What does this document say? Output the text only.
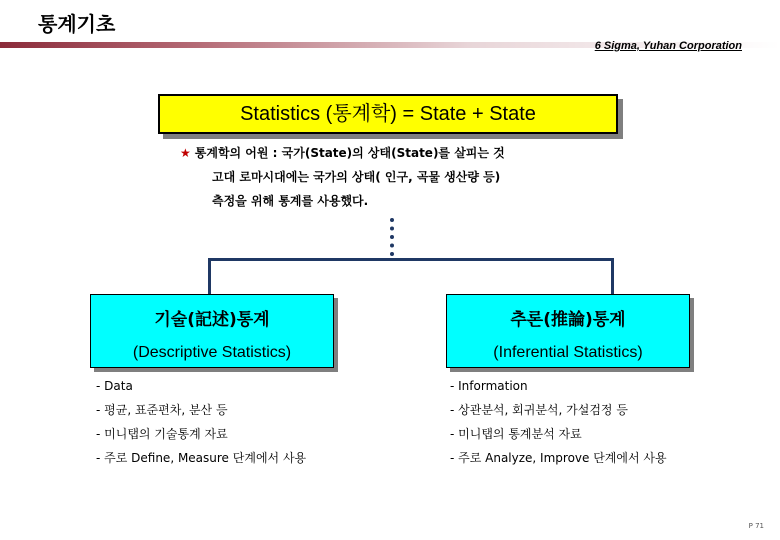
통계기초
6 Sigma, Yuhan Corporation
Statistics (통계학) = State + State
★ 통계학의 어원 : 국가(State)의 상태(State)를 살피는 것
고대 로마시대에는 국가의 상태( 인구, 곡물 생산량 등)
측정을 위해 통계를 사용했다.
기술(記述)통계
(Descriptive Statistics)
추론(推論)통계
(Inferential Statistics)
- Data
- 평균, 표준편차, 분산 등
- 미니탭의 기술통계 자료
- 주로 Define, Measure 단계에서 사용
- Information
- 상관분석, 회귀분석, 가설검정 등
- 미니탭의 통계분석 자료
- 주로 Analyze, Improve 단계에서 사용
P 71
